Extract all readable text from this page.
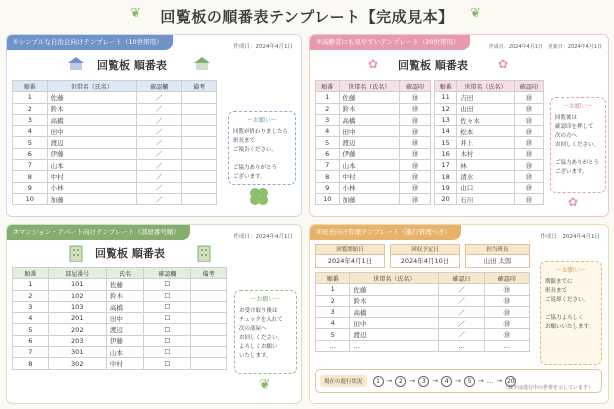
回覧板の順番表テンプレート【完成見本】
❦	❦
①シンプルな自治会向けテンプレート（10世帯用）
作成日：2024年4月1日
回覧板 順番表
順番	世帯名（氏名）	確認欄	備考
1	佐藤	／	
2	鈴木	／	
3	高橋	／	
4	田中	／	
5	渡辺	／	
6	伊藤	／	
7	山本	／	
8	中村	／	
9	小林	／	
10	加藤	／	
～お願い～
回覧が終わりましたら
班長まで
ご報告ください。

ご協力ありがとう
ございます。
②高齢者にも見やすいテンプレート（20世帯用）
作成日：2024年4月1日　更新日：2024年4月1日
✿ 回覧板 順番表	✿
順番	世帯名（氏名）	確認印
1	佐藤	㊞
2	鈴木	㊞
3	高橋	㊞
4	田中	㊞
5	渡辺	㊞
6	伊藤	㊞
7	山本	㊞
8	中村	㊞
9	小林	㊞
10	加藤	㊞
順番	世帯名（氏名）	確認印
11	吉田	㊞
12	山田	㊞
13	佐々木	㊞
14	松本	㊞
15	井上	㊞
16	木村	㊞
17	林	㊞
18	清水	㊞
19	山口	㊞
20	石川	㊞
～お願い～
回覧後は
確認印を押して
次の方へ
お回しください。

ご協力ありがとう
ございます。
✿
③マンション・アパート向けテンプレート（部屋番号順）
作成日：2024年4月1日
回覧板 順番表
順番	部屋番号	氏名	確認欄	備考
1	101	佐藤	☐	
2	102	鈴木	☐	
3	103	高橋	☐	
4	201	田中	☐	
5	202	渡辺	☐	
6	203	伊藤	☐	
7	301	山本	☐	
8	302	中村	☐	
～お願い～
お受け取り後は
チェックを入れて
次の部屋へ
お回しください。
よろしくお願い
いたします。
❦
④班長向け管理テンプレート（進行管理つき）
作成日：2024年4月1日
回覧開始日
2024年4月1日
回収予定日
2024年4月10日
担当班長
山田 太郎
順番	世帯名（氏名）	確認日	確認印
1	佐藤	／	㊞
2	鈴木	／	㊞
3	高橋	／	㊞
4	田中	／	㊞
5	渡辺	／	㊞
…	…	…	…
～お願い～
期限までに
班長まで
ご返却ください。

ご協力よろしく
お願いいたします。
現在の進行状況	1 → 2 → 3 → 4 → 5 → … → 20
（数字は進行中の世帯を示しています）
